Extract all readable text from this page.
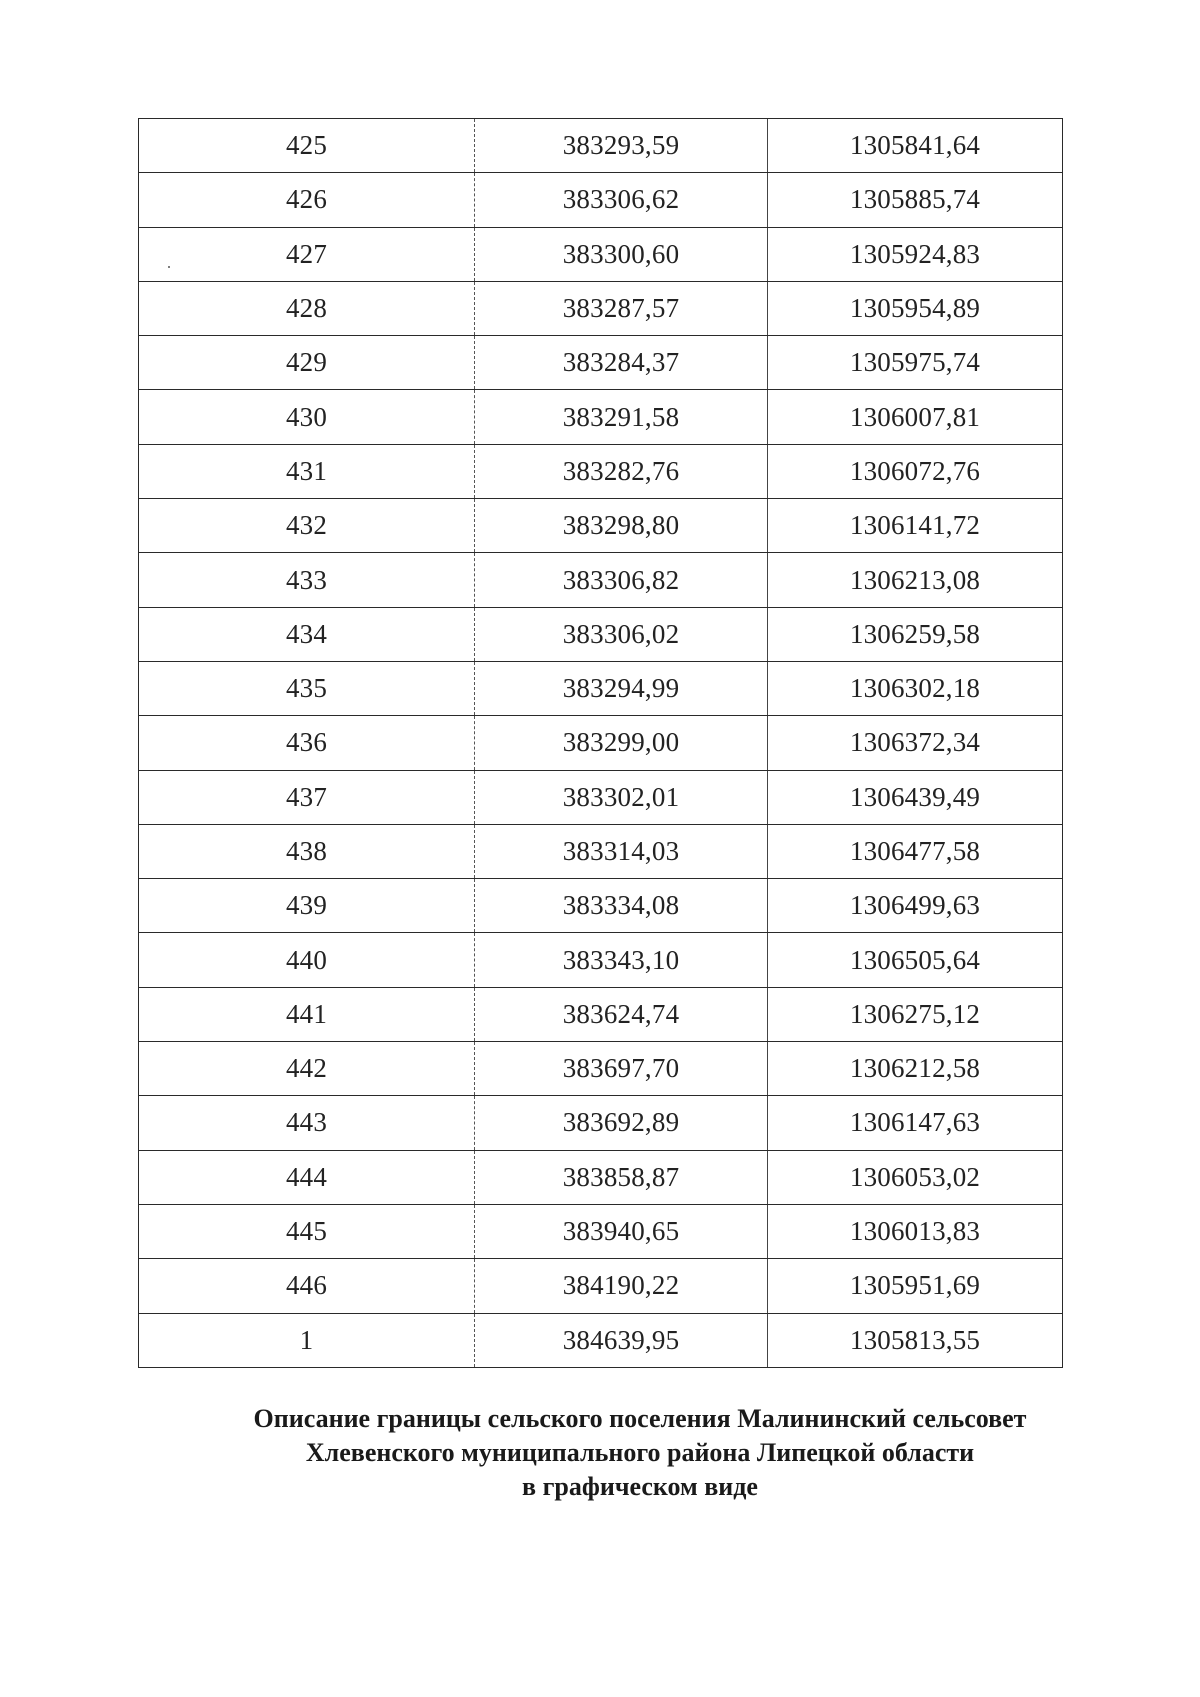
425	383293,59	1305841,64
426	383306,62	1305885,74
427	383300,60	1305924,83
428	383287,57	1305954,89
429	383284,37	1305975,74
430	383291,58	1306007,81
431	383282,76	1306072,76
432	383298,80	1306141,72
433	383306,82	1306213,08
434	383306,02	1306259,58
435	383294,99	1306302,18
436	383299,00	1306372,34
437	383302,01	1306439,49
438	383314,03	1306477,58
439	383334,08	1306499,63
440	383343,10	1306505,64
441	383624,74	1306275,12
442	383697,70	1306212,58
443	383692,89	1306147,63
444	383858,87	1306053,02
445	383940,65	1306013,83
446	384190,22	1305951,69
1	384639,95	1305813,55
Описание границы сельского поселения Малининский сельсовет
Хлевенского муниципального района Липецкой области
в графическом виде
